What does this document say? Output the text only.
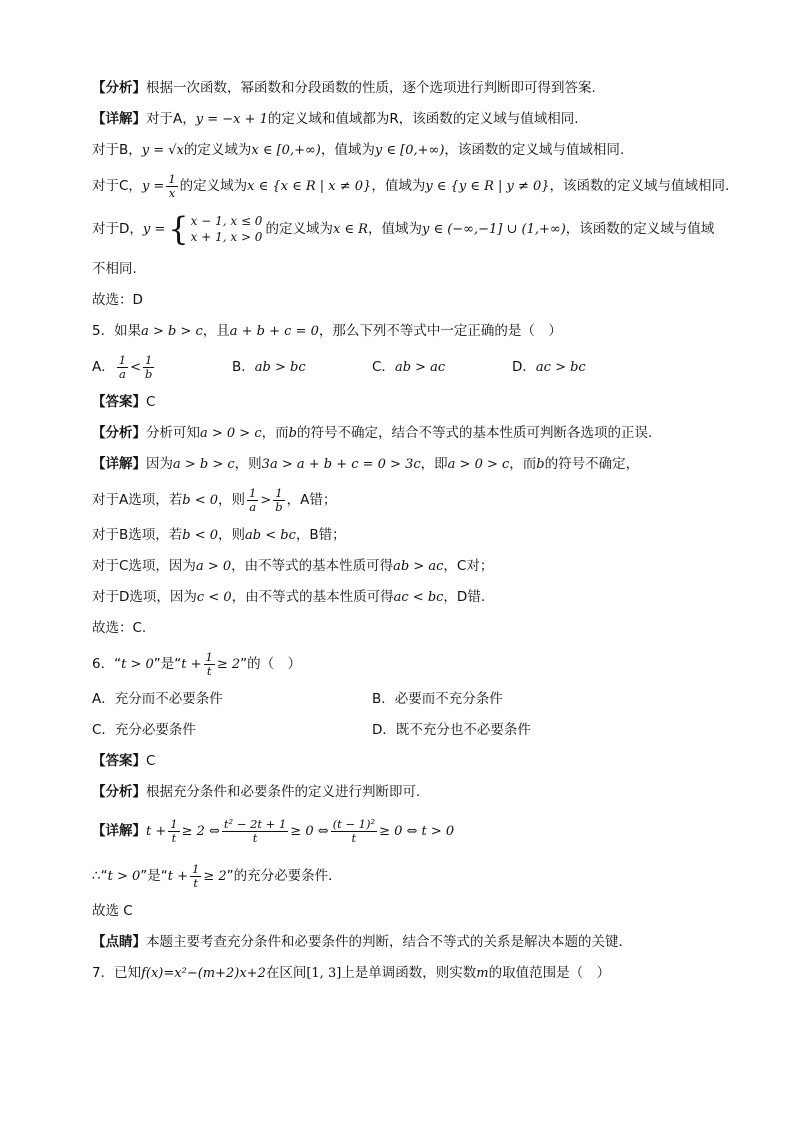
【分析】根据一次函数，幂函数和分段函数的性质，逐个选项进行判断即可得到答案.
【详解】对于A，y = −x + 1的定义域和值域都为R，该函数的定义域与值域相同.
对于B，y = √x的定义域为x ∈ [0,+∞)，值域为y ∈ [0,+∞)，该函数的定义域与值域相同.
对于C，$y = \frac{1}{x}$ 的定义域为x ∈ {x ∈ R | x ≠ 0}，值域为y ∈ {y ∈ R | y ≠ 0}，该函数的定义域与值域相同.
对于D，y = { x − 1, x ≤ 0
x + 1, x > 0 的定义域为x ∈ R，值域为y ∈ (−∞,−1] ∪ (1,+∞)，该函数的定义域与值域
不相同.
故选：D
5．如果a > b > c，且a + b + c = 0，那么下列不等式中一定正确的是（　）
A． $\frac{1}{a} < \frac{1}{b}$	B．ab > bc	C．ab > ac	D．ac > bc
【答案】C
【分析】分析可知a > 0 > c，而b的符号不确定，结合不等式的基本性质可判断各选项的正误.
【详解】因为a > b > c，则3a > a + b + c = 0 > 3c，即a > 0 > c，而b的符号不确定，
对于A选项，若b < 0，则 $\frac{1}{a} > \frac{1}{b}$ ，A错；
对于B选项，若b < 0，则ab < bc，B错；
对于C选项，因为a > 0，由不等式的基本性质可得ab > ac，C对；
对于D选项，因为c < 0，由不等式的基本性质可得ac < bc，D错.
故选：C.
6．“t > 0”是“$t + \frac{1}{t} \ge 2$”的（　）
A．充分而不必要条件	B．必要而不充分条件
C．充分必要条件	D．既不充分也不必要条件
【答案】C
【分析】根据充分条件和必要条件的定义进行判断即可．
【详解】$t + \frac{1}{t} \ge 2$ ⇔ $\frac{\text{t² − 2t + 1}}{t} \ge 0$ ⇔ $\frac{\text{(t − 1)²}}{t} \ge 0$ ⇔ t > 0
∴“t > 0”是“$t + \frac{1}{t} \ge 2$”的充分必要条件．
故选 C
【点睛】本题主要考查充分条件和必要条件的判断，结合不等式的关系是解决本题的关键．
7．已知f(x)=x²−(m+2)x+2在区间[1, 3]上是单调函数，则实数m的取值范围是（　）
